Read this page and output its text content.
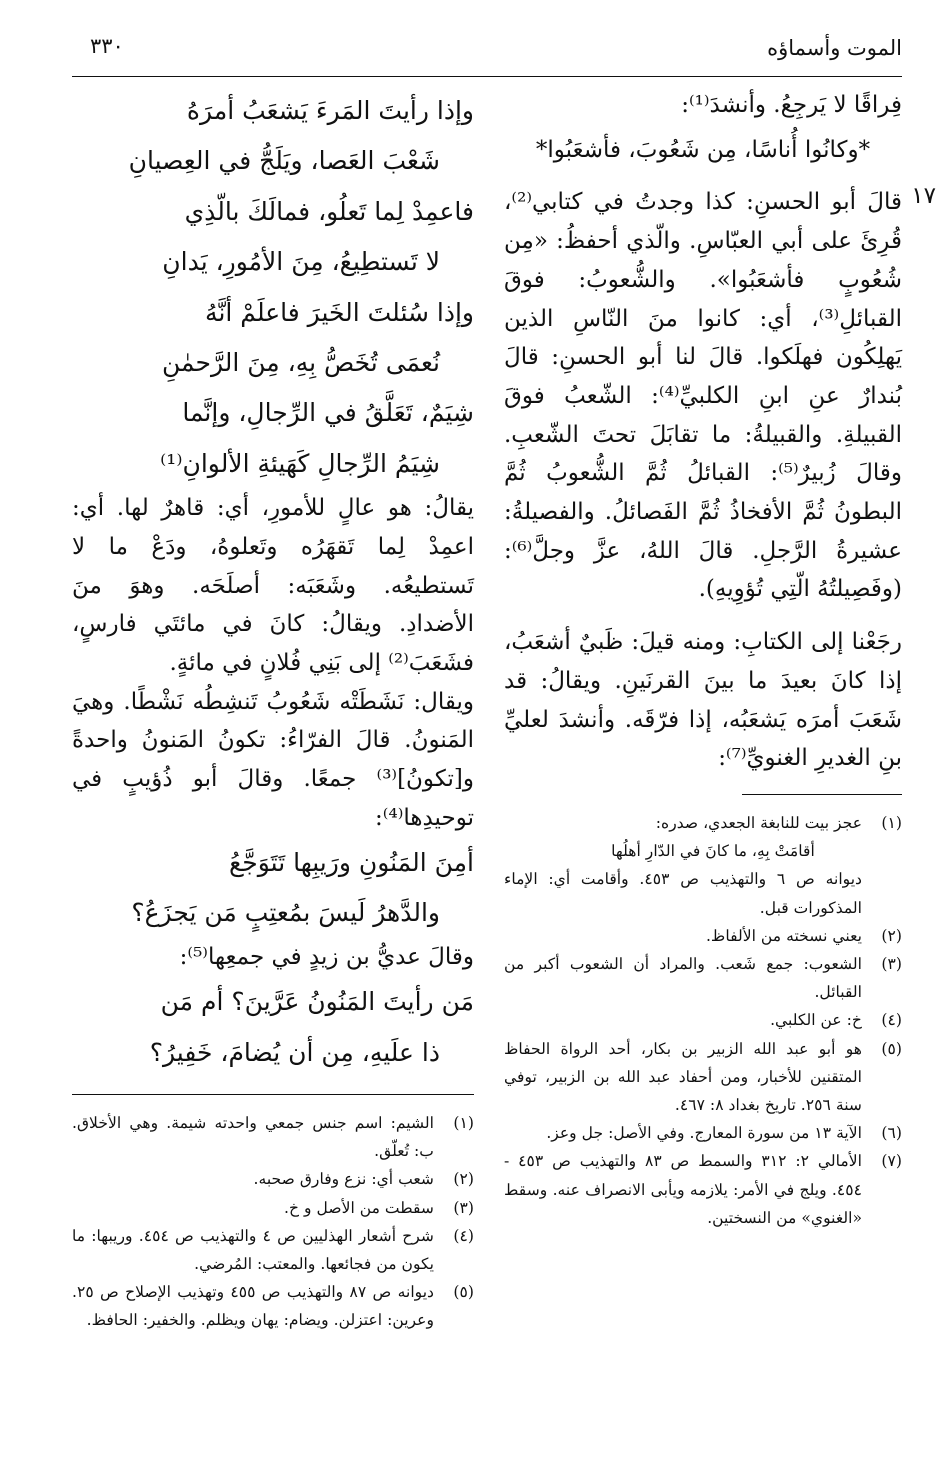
الموت وأسماؤه
٣٣٠

فِراقًا لا يَرجِعُ. وأنشدَ⁽¹⁾:

*وكانُوا أُناسًا، مِن شَعُوبَ، فأشعَبُوا*

١٧

قالَ أبو الحسنِ: كذا وجدتُ في كتابي⁽²⁾، قُرِئَ على أبي العبّاسِ. والّذي أحفظُ: «مِن شُعُوبٍ فأشعَبُوا». والشُّعوبُ: فوقَ القبائلِ⁽³⁾، أي: كانوا منَ النّاسِ الذين يَهلِكُون فهلَكوا. قالَ لنا أبو الحسنِ: قالَ بُندارٌ عنِ ابنِ الكلبيِّ⁽⁴⁾: الشّعبُ فوقَ القبيلةِ. والقبيلةُ: ما تقابَلَ تحتَ الشّعبِ. وقالَ زُبيرٌ⁽⁵⁾: القبائلُ ثُمَّ الشُّعوبُ ثُمَّ البطونُ ثُمَّ الأفخاذُ ثُمَّ الفَصائلُ. والفصيلةُ: عشيرةُ الرَّجلِ. قالَ اللهُ، عزَّ وجلَّ⁽⁶⁾: (وفَصِيلتُهُ الّتِي تُؤوِيهِ).

رجَعْنا إلى الكتابِ: ومنه قيلَ: ظَبيٌ أشعَبُ، إذا كانَ بعيدَ ما بينَ القرنَينِ. ويقالُ: قد شَعَبَ أمرَه يَشعَبُه، إذا فرّقَه. وأنشدَ لعليِّ بنِ الغديرِ الغنويِّ⁽⁷⁾:

(١)
عجز بيت للنابغة الجعدي، صدره:
أقامَتْ بِهِ، ما كانَ في الدّارِ أهلُها
ديوانه ص ٦ والتهذيب ص ٤٥٣. وأقامت أي: الإماء المذكورات قبل.
(٢)
يعني نسخته من الألفاظ.
(٣)
الشعوب: جمع شَعب. والمراد أن الشعوب أكبر من القبائل.
(٤)
خ: عن الكلبي.
(٥)
هو أبو عبد الله الزبير بن بكار، أحد الرواة الحفاظ المتقنين للأخبار، ومن أحفاد عبد الله بن الزبير، توفي سنة ٢٥٦. تاريخ بغداد ٨: ٤٦٧.
(٦)
الآية ١٣ من سورة المعارج. وفي الأصل: جل وعز.
(٧)
الأمالي ٢: ٣١٢ والسمط ص ٨٣ والتهذيب ص ٤٥٣ - ٤٥٤. ويلج في الأمر: يلازمه ويأبى الانصراف عنه. وسقط «الغنوي» من النسختين.

وإذا رأيتَ المَرءَ يَشعَبُ أمرَهُ

شَعْبَ العَصا، ويَلَجُّ في العِصيانِ

فاعمِدْ لِما تَعلُو، فمالَكَ بالّذِي

لا تَستطِيعُ، مِنَ الأمُورِ، يَدانِ

وإذا سُئلتَ الخَيرَ فاعلَمْ أنَّهُ

نُعمَى تُخَصُّ بِهِ، مِنَ الرَّحمٰنِ

شِيَمٌ، تَعَلَّقُ في الرِّجالِ، وإنَّما

شِيَمُ الرِّجالِ كَهَيئةِ الألوانِ⁽¹⁾

يقالُ: هو عالٍ للأمورِ، أي: قاهرٌ لها. أي: اعمِدْ لِما تَقهَرُه وتَعلوهُ، ودَعْ ما لا تَستطيعُه. وشَعَبَه: أصلَحَه. وهوَ منَ الأضدادِ. ويقالُ: كانَ في مائتَي فارسٍ، فشَعَبَ⁽²⁾ إلى بَنِي فُلانٍ في مائةٍ.

ويقال: نَشَطَتْه شَعُوبُ تَنشِطُه نَشْطًا. وهيَ المَنونُ. قالَ الفرّاءُ: تكونُ المَنونُ واحدةً و[تكونُ]⁽³⁾ جمعًا. وقالَ أبو ذُؤيبٍ في توحيدِها⁽⁴⁾:

أمِنَ المَنُونِ ورَيبِها تَتَوَجَّعُ

والدَّهرُ لَيسَ بمُعتِبٍ مَن يَجزَعُ؟

وقالَ عديُّ بن زيدٍ في جمعِها⁽⁵⁾:

مَن رأيتَ المَنُونُ عَرَّينَ؟ أم مَن

ذا علَيهِ، مِن أن يُضامَ، خَفِيرُ؟

(١)
الشيم: اسم جنس جمعي واحدته شيمة. وهي الأخلاق. ب: تُعلّق.
(٢)
شعب أي: نزع وفارق صحبه.
(٣)
سقطت من الأصل و خ.
(٤)
شرح أشعار الهذليين ص ٤ والتهذيب ص ٤٥٤. وريبها: ما يكون من فجائعها. والمعتب: المُرضي.
(٥)
ديوانه ص ٨٧ والتهذيب ص ٤٥٥ وتهذيب الإصلاح ص ٢٥. وعرين: اعتزلن. ويضام: يهان ويظلم. والخفير: الحافظ.
